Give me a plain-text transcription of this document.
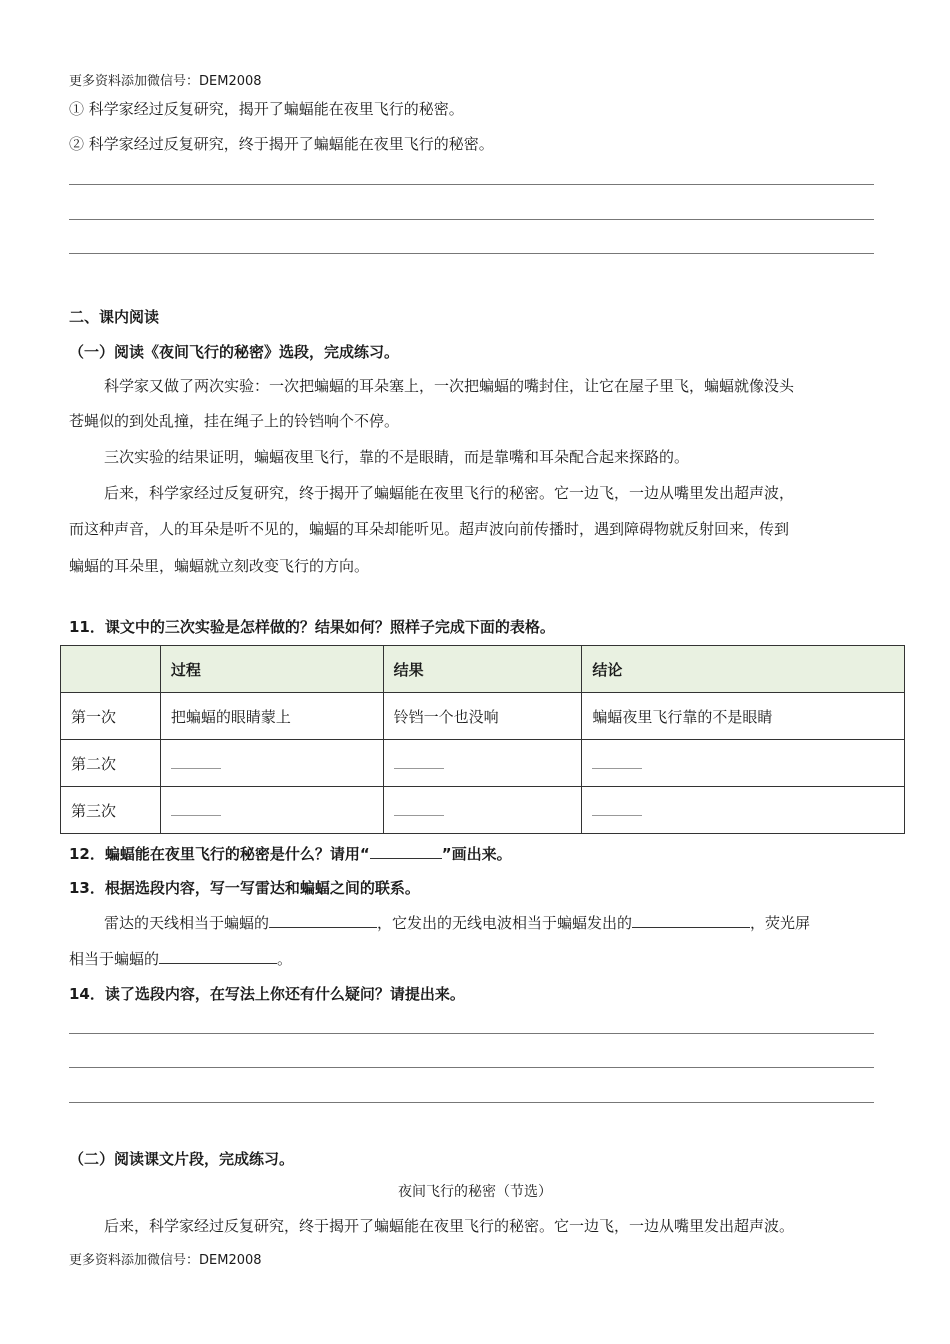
更多资料添加微信号：DEM2008
① 科学家经过反复研究，揭开了蝙蝠能在夜里飞行的秘密。
② 科学家经过反复研究，终于揭开了蝙蝠能在夜里飞行的秘密。
二、课内阅读
（一）阅读《夜间飞行的秘密》选段，完成练习。
科学家又做了两次实验：一次把蝙蝠的耳朵塞上，一次把蝙蝠的嘴封住，让它在屋子里飞，蝙蝠就像没头
苍蝇似的到处乱撞，挂在绳子上的铃铛响个不停。
三次实验的结果证明，蝙蝠夜里飞行，靠的不是眼睛，而是靠嘴和耳朵配合起来探路的。
后来，科学家经过反复研究，终于揭开了蝙蝠能在夜里飞行的秘密。它一边飞，一边从嘴里发出超声波，
而这种声音，人的耳朵是听不见的，蝙蝠的耳朵却能听见。超声波向前传播时，遇到障碍物就反射回来，传到
蝙蝠的耳朵里，蝙蝠就立刻改变飞行的方向。
11．课文中的三次实验是怎样做的？结果如何？照样子完成下面的表格。
	过程	结果	结论
第一次	把蝙蝠的眼睛蒙上	铃铛一个也没响	蝙蝠夜里飞行靠的不是眼睛
第二次			
第三次			
12．蝙蝠能在夜里飞行的秘密是什么？请用“	”画出来。
13．根据选段内容，写一写雷达和蝙蝠之间的联系。
雷达的天线相当于蝙蝠的	，它发出的无线电波相当于蝙蝠发出的	，荧光屏
相当于蝙蝠的	。
14．读了选段内容，在写法上你还有什么疑问？请提出来。
（二）阅读课文片段，完成练习。
夜间飞行的秘密（节选）
后来，科学家经过反复研究，终于揭开了蝙蝠能在夜里飞行的秘密。它一边飞，一边从嘴里发出超声波。
更多资料添加微信号：DEM2008
